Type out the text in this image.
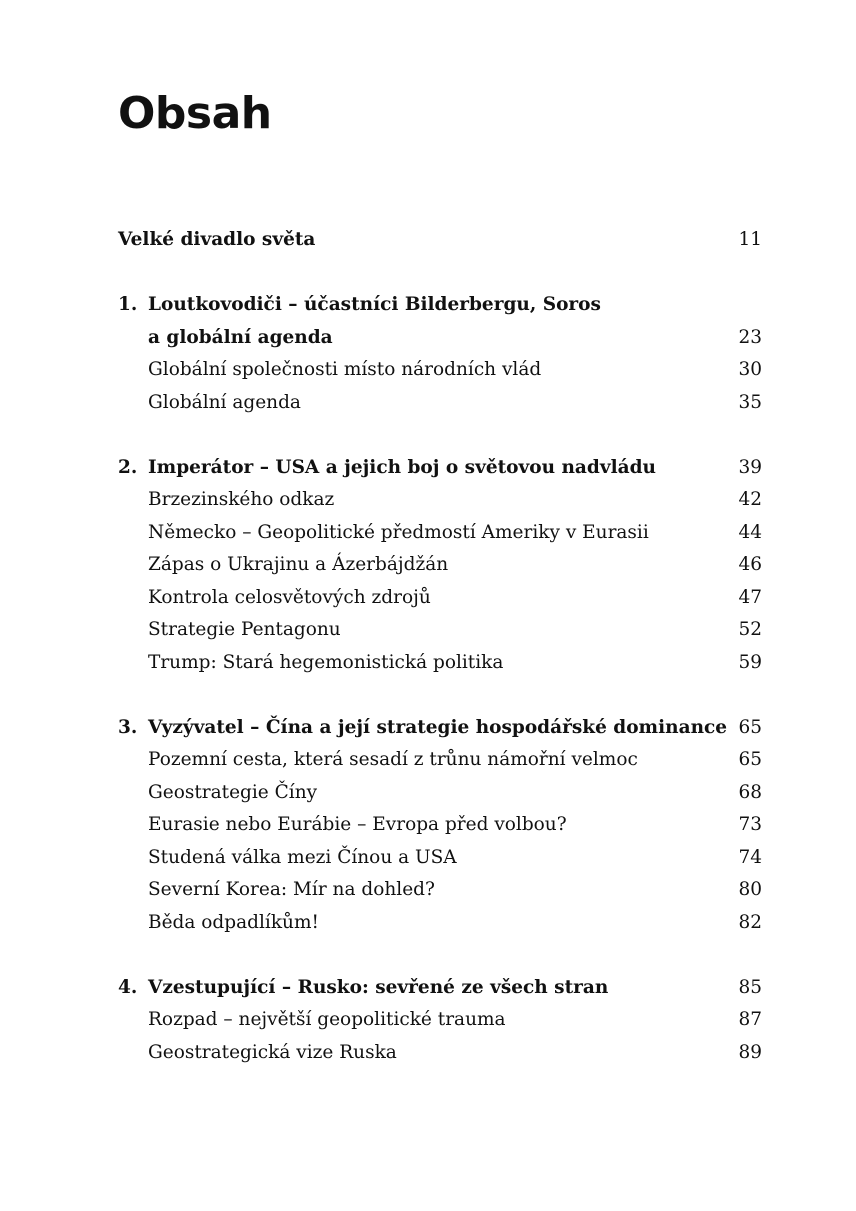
Obsah
Velké divadlo světa	11
1. Loutkovodiči – účastníci Bilderbergu, Soros
a globální agenda	23
Globální společnosti místo národních vlád	30
Globální agenda	35
2. Imperátor – USA a jejich boj o světovou nadvládu	39
Brzezinského odkaz	42
Německo – Geopolitické předmostí Ameriky v Eurasii	44
Zápas o Ukrajinu a Ázerbájdžán	46
Kontrola celosvětových zdrojů	47
Strategie Pentagonu	52
Trump: Stará hegemonistická politika	59
3. Vyzývatel – Čína a její strategie hospodářské dominance 65
Pozemní cesta, která sesadí z trůnu námořní velmoc	65
Geostrategie Číny	68
Eurasie nebo Eurábie – Evropa před volbou?	73
Studená válka mezi Čínou a USA	74
Severní Korea: Mír na dohled?	80
Běda odpadlíkům!	82
4. Vzestupující – Rusko: sevřené ze všech stran	85
Rozpad – největší geopolitické trauma	87
Geostrategická vize Ruska	89
